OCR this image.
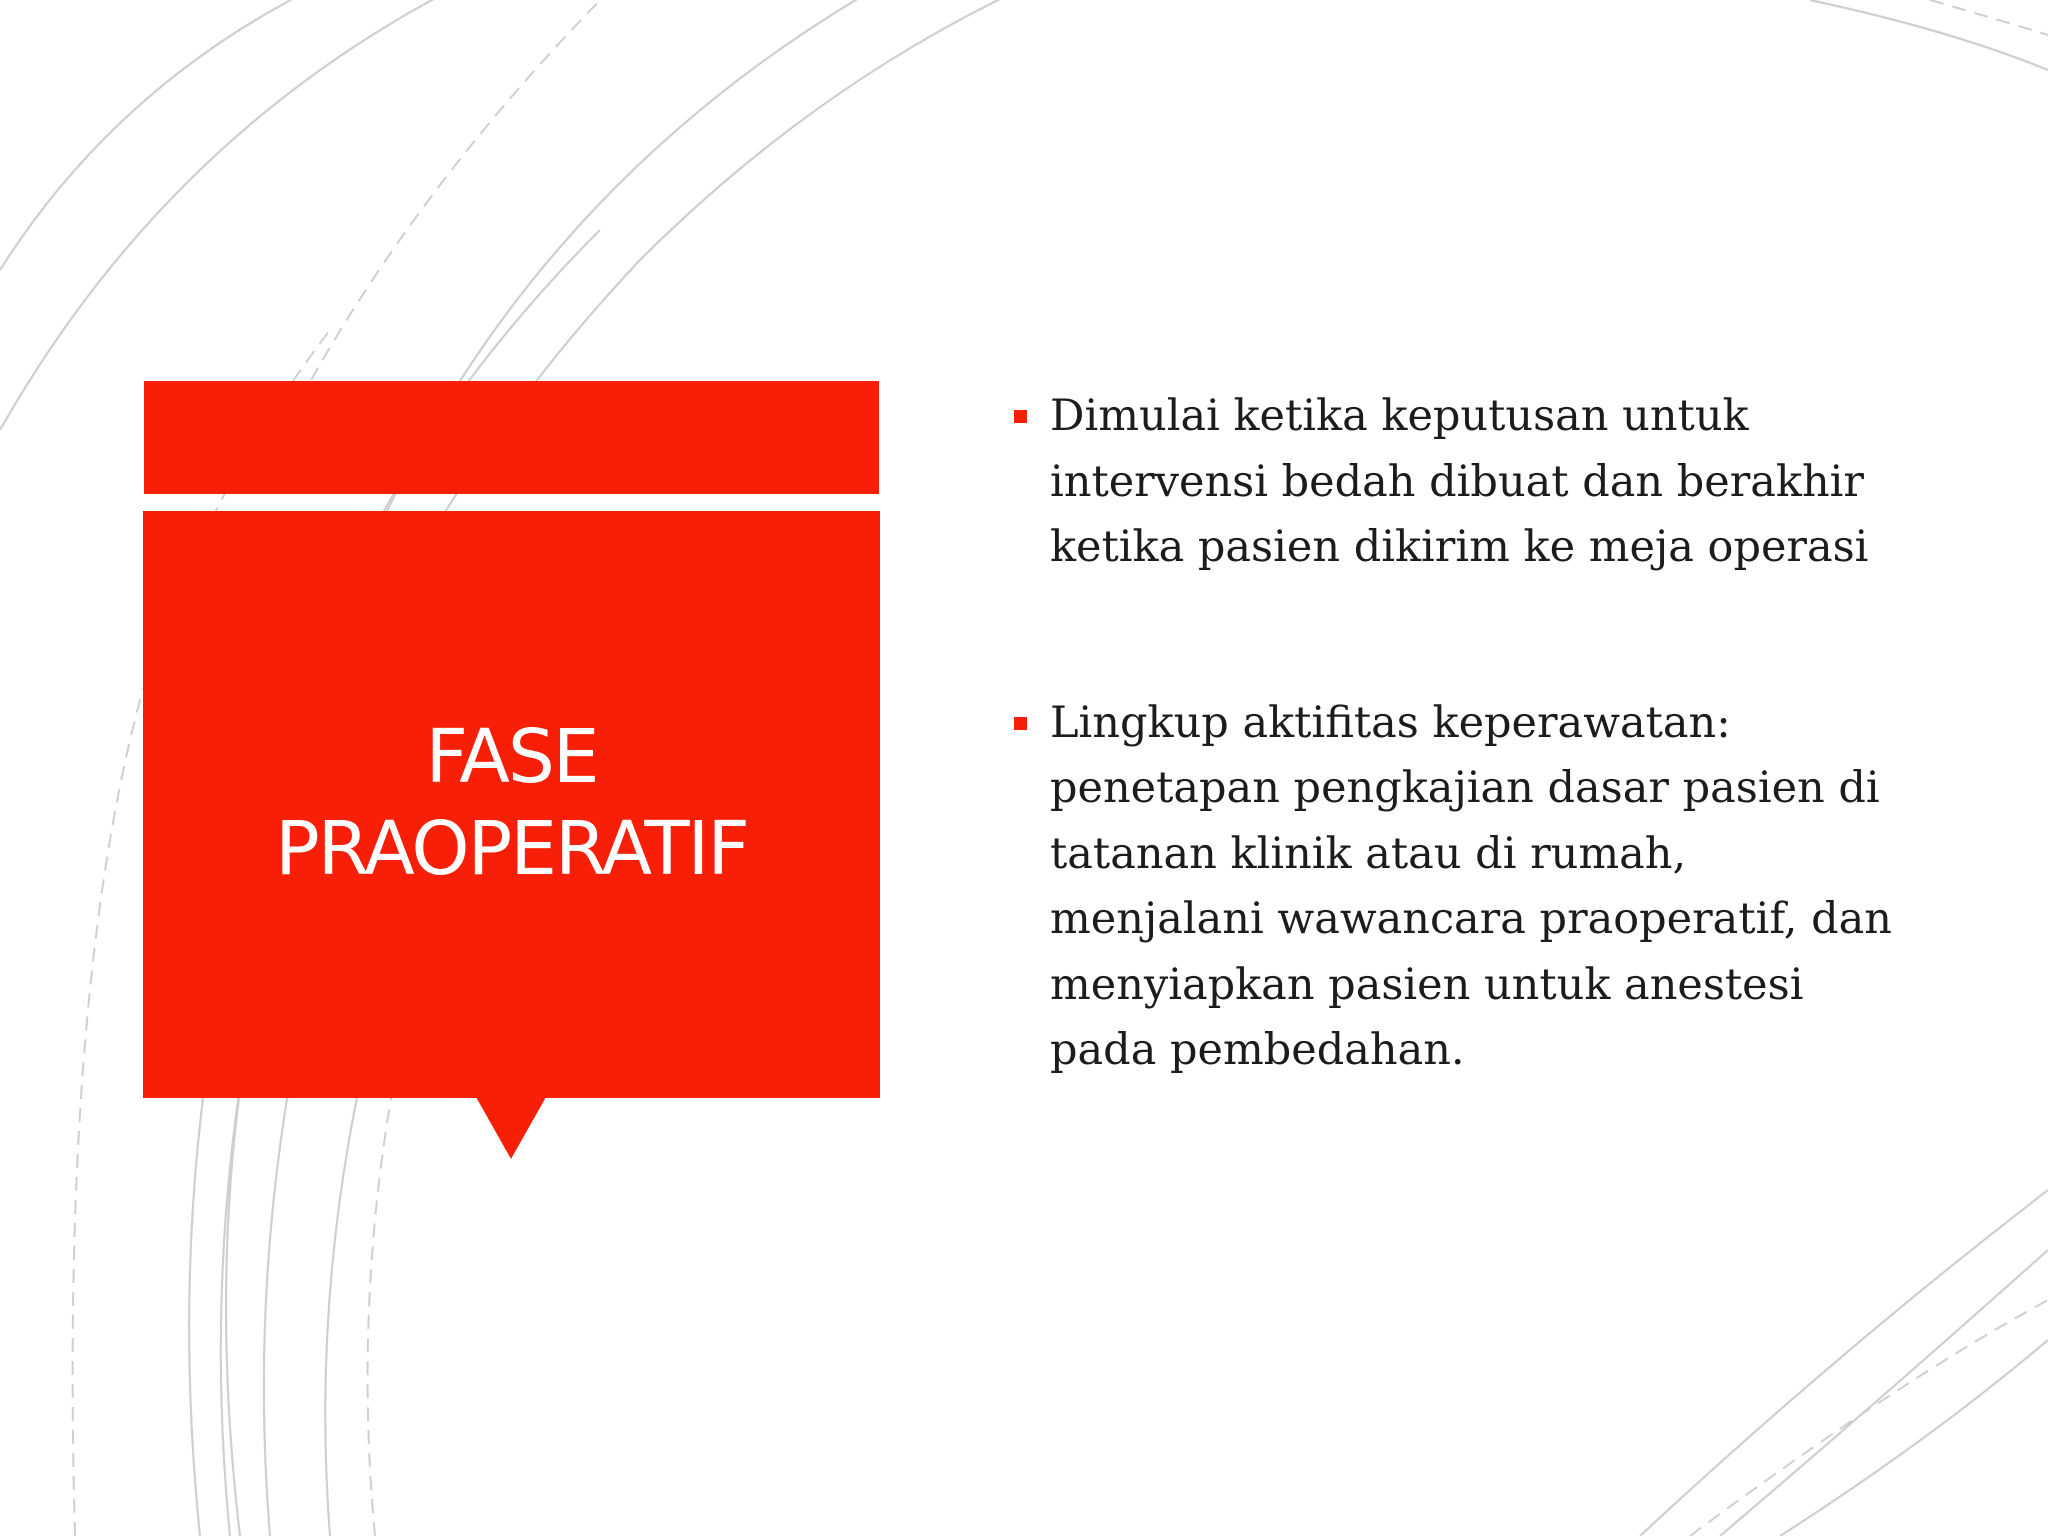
FASE
PRAOPERATIF
Dimulai ketika keputusan untuk
intervensi bedah dibuat dan berakhir
ketika pasien dikirim ke meja operasi
Lingkup aktifitas keperawatan:
penetapan pengkajian dasar pasien di
tatanan klinik atau di rumah,
menjalani wawancara praoperatif, dan
menyiapkan pasien untuk anestesi
pada pembedahan.
